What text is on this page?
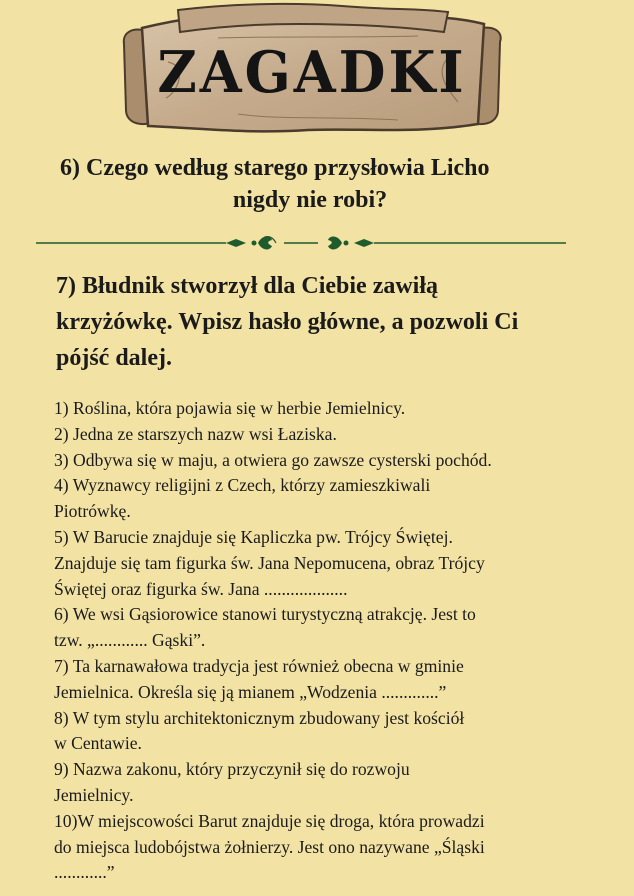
ZAGADKI
6) Czego według starego przysłowia Licho
nigdy nie robi?
7) Błudnik stworzył dla Ciebie zawiłą
krzyżówkę. Wpisz hasło główne, a pozwoli Ci
pójść dalej.

1) Roślina, która pojawia się w herbie Jemielnicy.

2) Jedna ze starszych nazw wsi Łaziska.

3) Odbywa się w maju, a otwiera go zawsze cysterski pochód.

4) Wyznawcy religijni z Czech, którzy zamieszkiwali

Piotrówkę.

5) W Barucie znajduje się Kapliczka pw. Trójcy Świętej.

Znajduje się tam figurka św. Jana Nepomucena, obraz Trójcy

Świętej oraz figurka św. Jana ...................

6) We wsi Gąsiorowice stanowi turystyczną atrakcję. Jest to

tzw. „............ Gąski”.

7) Ta karnawałowa tradycja jest również obecna w gminie

Jemielnica. Określa się ją mianem „Wodzenia .............”

8) W tym stylu architektonicznym zbudowany jest kościół

w Centawie.

9) Nazwa zakonu, który przyczynił się do rozwoju

Jemielnicy.

10)W miejscowości Barut znajduje się droga, która prowadzi

do miejsca ludobójstwa żołnierzy. Jest ono nazywane „Śląski

............”
